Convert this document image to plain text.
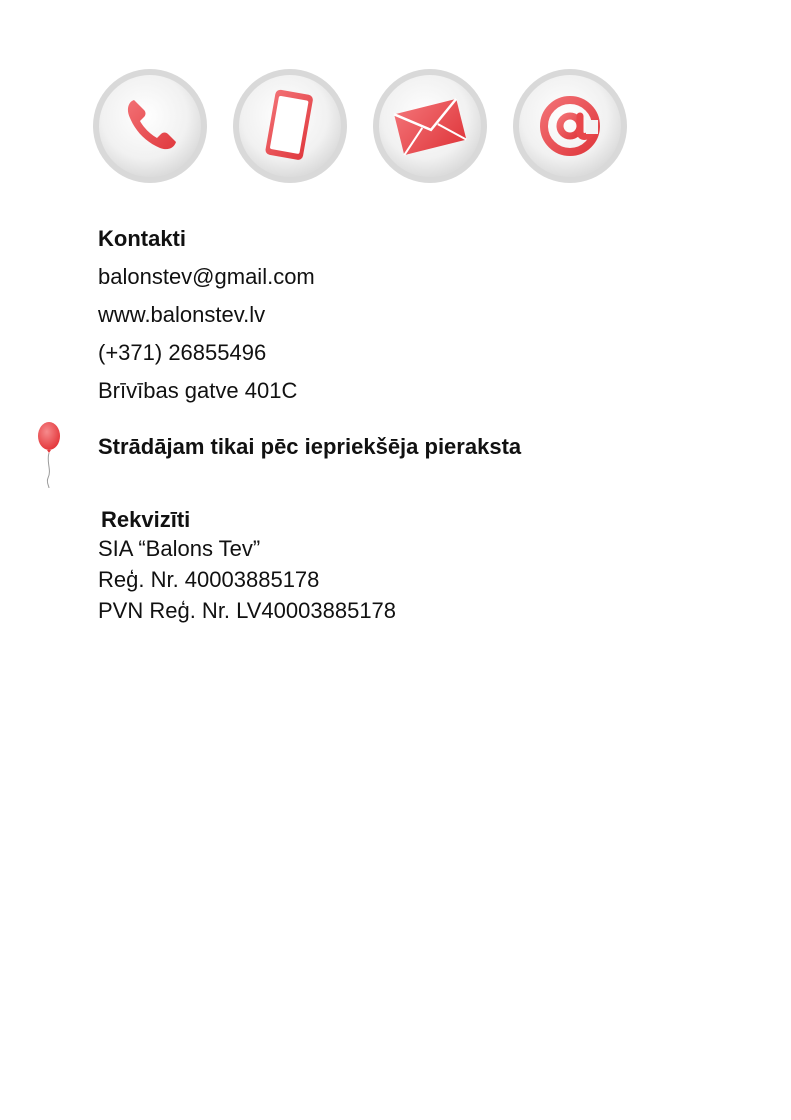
Kontakti
balonstev@gmail.com
www.balonstev.lv
(+371) 26855496
Brīvības gatve 401C
Strādājam tikai pēc iepriekšēja pieraksta
Rekvizīti
SIA “Balons Tev”
Reģ. Nr. 40003885178
PVN Reģ. Nr. LV40003885178
